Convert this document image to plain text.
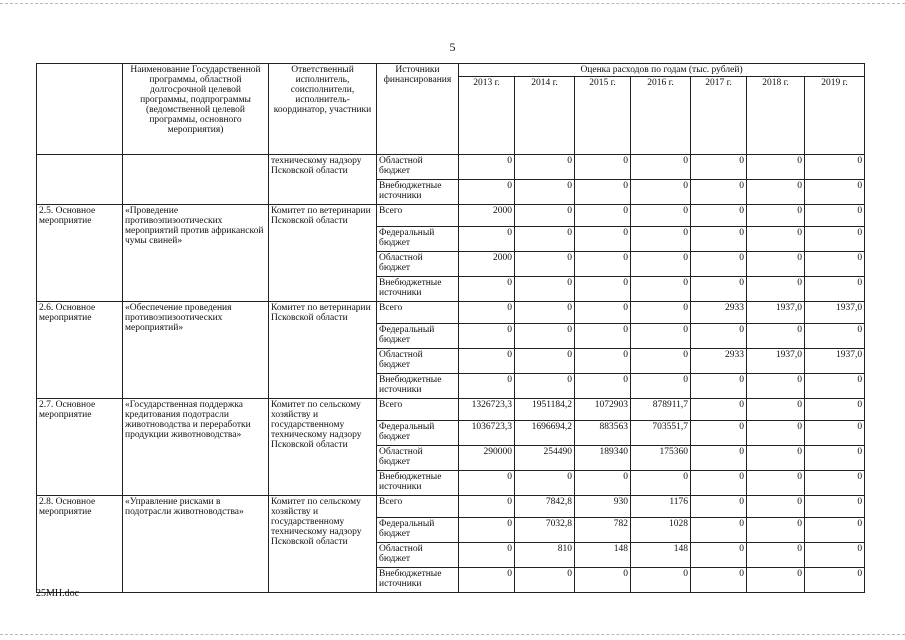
5
	Наименование Государственной программы, областной долгосрочной целевой программы, подпрограммы (ведомственной целевой программы, основного мероприятия)	Ответственный исполнитель, соисполнители, исполнитель-координатор, участники	Источники финансирования	Оценка расходов по годам (тыс. рублей)						
				2013 г.	2014 г.	2015 г.	2016 г.	2017 г.	2018 г.	2019 г.
		техническому надзору Псковской области	Областной бюджет	0	0	0	0	0	0	0
			Внебюджетные источники	0	0	0	0	0	0	0
2.5. Основное мероприятие	«Проведение противоэпизоотических мероприятий против африканской чумы свиней»	Комитет по ветеринарии Псковской области	Всего	2000	0	0	0	0	0	0
			Федеральный бюджет	0	0	0	0	0	0	0
			Областной бюджет	2000	0	0	0	0	0	0
			Внебюджетные источники	0	0	0	0	0	0	0
2.6. Основное мероприятие	«Обеспечение проведения противоэпизоотических мероприятий»	Комитет по ветеринарии Псковской области	Всего	0	0	0	0	2933	1937,0	1937,0
			Федеральный бюджет	0	0	0	0	0	0	0
			Областной бюджет	0	0	0	0	2933	1937,0	1937,0
			Внебюджетные источники	0	0	0	0	0	0	0
2.7. Основное мероприятие	«Государственная поддержка кредитования подотрасли животноводства и переработки продукции животноводства»	Комитет по сельскому хозяйству и государственному техническому надзору Псковской области	Всего	1326723,3	1951184,2	1072903	878911,7	0	0	0
			Федеральный бюджет	1036723,3	1696694,2	883563	703551,7	0	0	0
			Областной бюджет	290000	254490	189340	175360	0	0	0
			Внебюджетные источники	0	0	0	0	0	0	0
2.8. Основное мероприятие	«Управление рисками в подотрасли животноводства»	Комитет по сельскому хозяйству и государственному техническому надзору Псковской области	Всего	0	7842,8	930	1176	0	0	0
			Федеральный бюджет	0	7032,8	782	1028	0	0	0
			Областной бюджет	0	810	148	148	0	0	0
			Внебюджетные источники	0	0	0	0	0	0	0
25MH.doc
